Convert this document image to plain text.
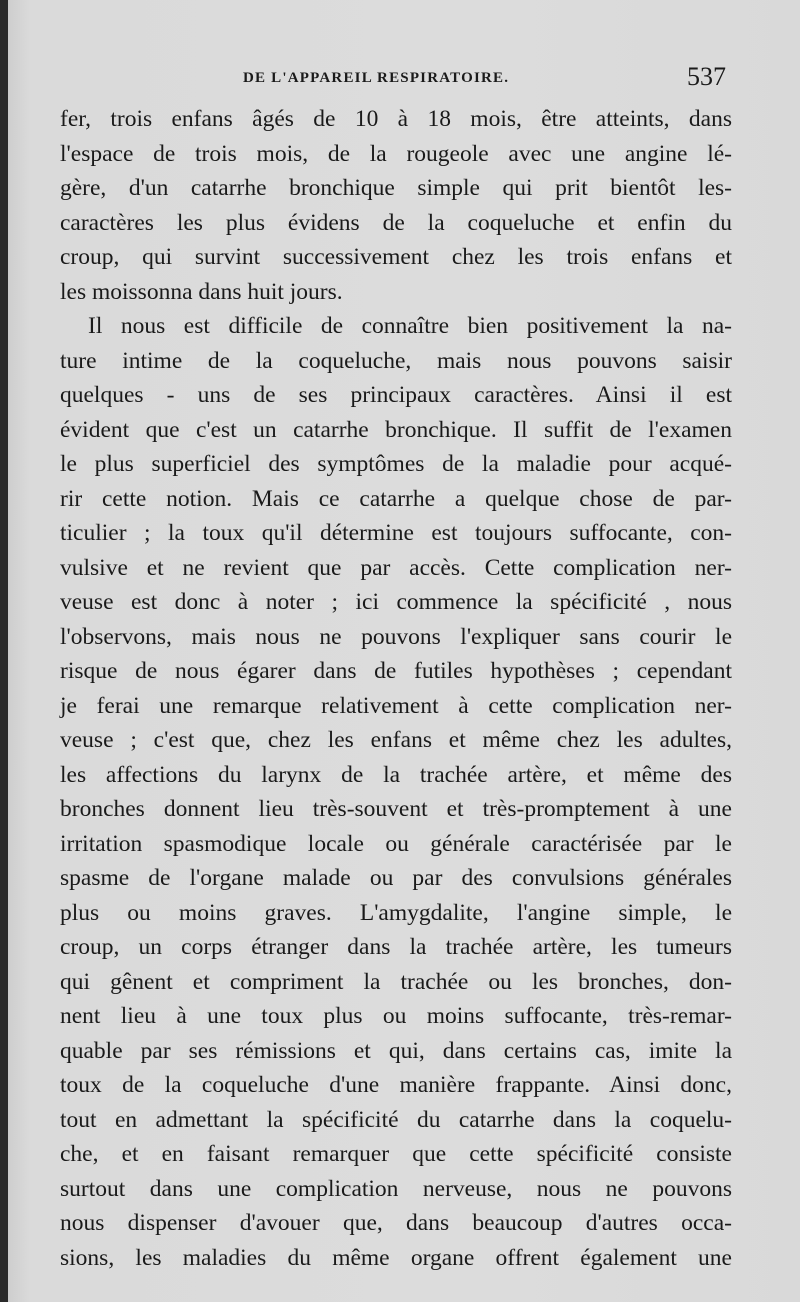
DE L'APPAREIL RESPIRATOIRE.	537
fer, trois enfans âgés de 10 à 18 mois, être atteints, dans
l'espace de trois mois, de la rougeole avec une angine lé-
gère, d'un catarrhe bronchique simple qui prit bientôt les-
caractères les plus évidens de la coqueluche et enfin du
croup, qui survint successivement chez les trois enfans et
les moissonna dans huit jours.
Il nous est difficile de connaître bien positivement la na-
ture intime de la coqueluche, mais nous pouvons saisir
quelques - uns de ses principaux caractères. Ainsi il est
évident que c'est un catarrhe bronchique. Il suffit de l'examen
le plus superficiel des symptômes de la maladie pour acqué-
rir cette notion. Mais ce catarrhe a quelque chose de par-
ticulier ; la toux qu'il détermine est toujours suffocante, con-
vulsive et ne revient que par accès. Cette complication ner-
veuse est donc à noter ; ici commence la spécificité , nous
l'observons, mais nous ne pouvons l'expliquer sans courir le
risque de nous égarer dans de futiles hypothèses ; cependant
je ferai une remarque relativement à cette complication ner-
veuse ; c'est que, chez les enfans et même chez les adultes,
les affections du larynx de la trachée artère, et même des
bronches donnent lieu très-souvent et très-promptement à une
irritation spasmodique locale ou générale caractérisée par le
spasme de l'organe malade ou par des convulsions générales
plus ou moins graves. L'amygdalite, l'angine simple, le
croup, un corps étranger dans la trachée artère, les tumeurs
qui gênent et compriment la trachée ou les bronches, don-
nent lieu à une toux plus ou moins suffocante, très-remar-
quable par ses rémissions et qui, dans certains cas, imite la
toux de la coqueluche d'une manière frappante. Ainsi donc,
tout en admettant la spécificité du catarrhe dans la coquelu-
che, et en faisant remarquer que cette spécificité consiste
surtout dans une complication nerveuse, nous ne pouvons
nous dispenser d'avouer que, dans beaucoup d'autres occa-
sions, les maladies du même organe offrent également une
